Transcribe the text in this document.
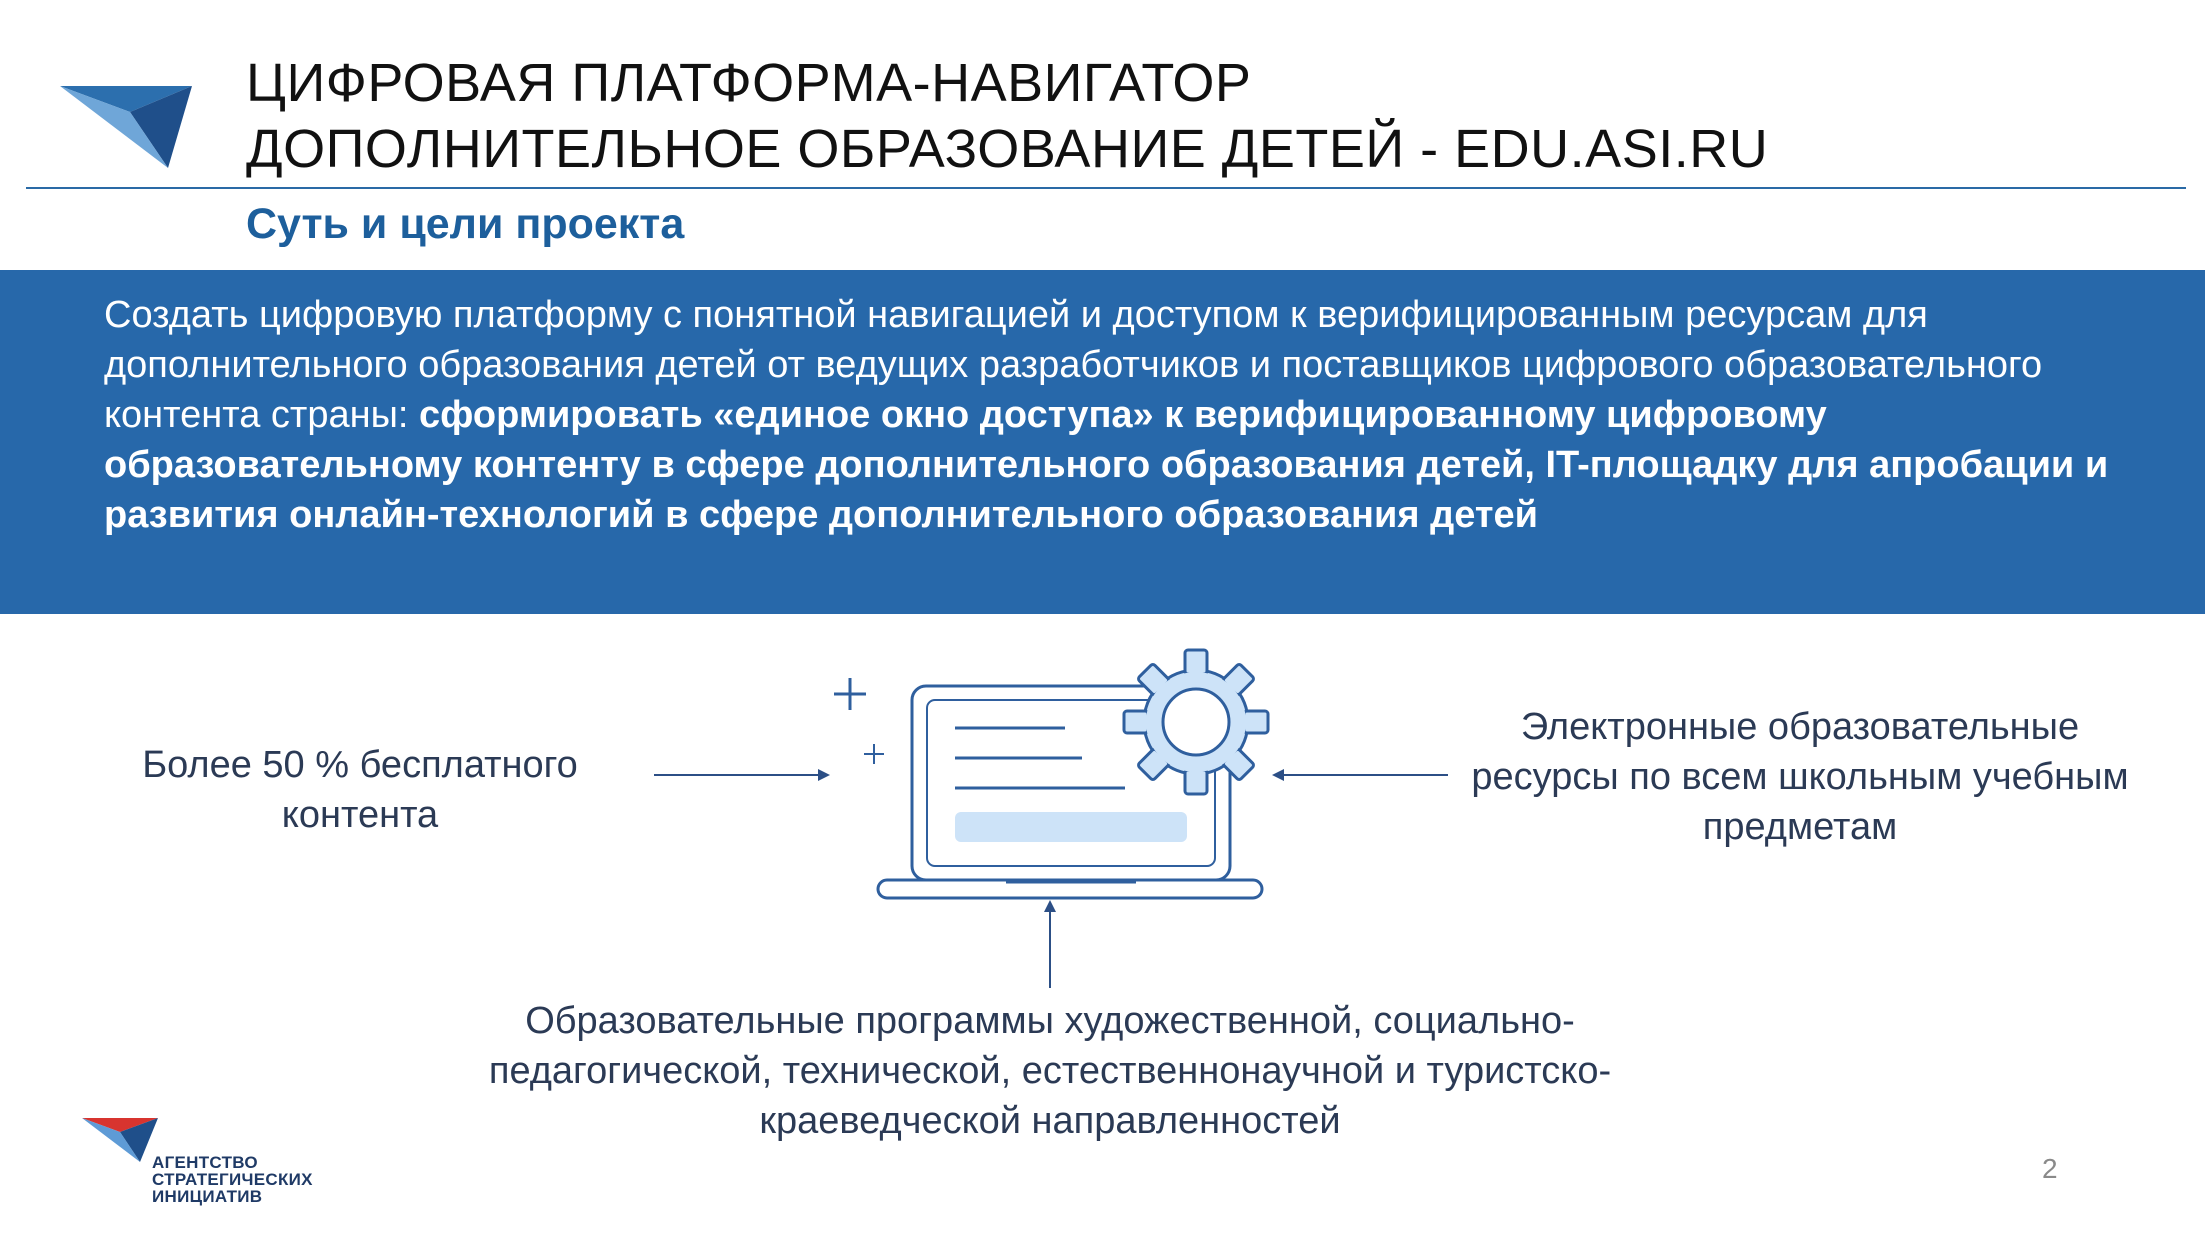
ЦИФРОВАЯ ПЛАТФОРМА-НАВИГАТОР
ДОПОЛНИТЕЛЬНОЕ ОБРАЗОВАНИЕ ДЕТЕЙ - EDU.ASI.RU
Суть и цели проекта
Создать цифровую платформу с понятной навигацией и доступом к верифицированным ресурсам для дополнительного образования детей от ведущих разработчиков и поставщиков цифрового образовательного контента страны: сформировать «единое окно доступа» к верифицированному цифровому образовательному контенту в сфере дополнительного образования детей, IT-площадку для апробации и развития онлайн-технологий в сфере дополнительного образования детей
Более 50 % бесплатного контента
Электронные образовательные ресурсы по всем школьным учебным предметам
Образовательные программы художественной, социально-педагогической, технической, естественнонаучной и туристско-краеведческой направленностей
АГЕНТСТВО
СТРАТЕГИЧЕСКИХ
ИНИЦИАТИВ
2
